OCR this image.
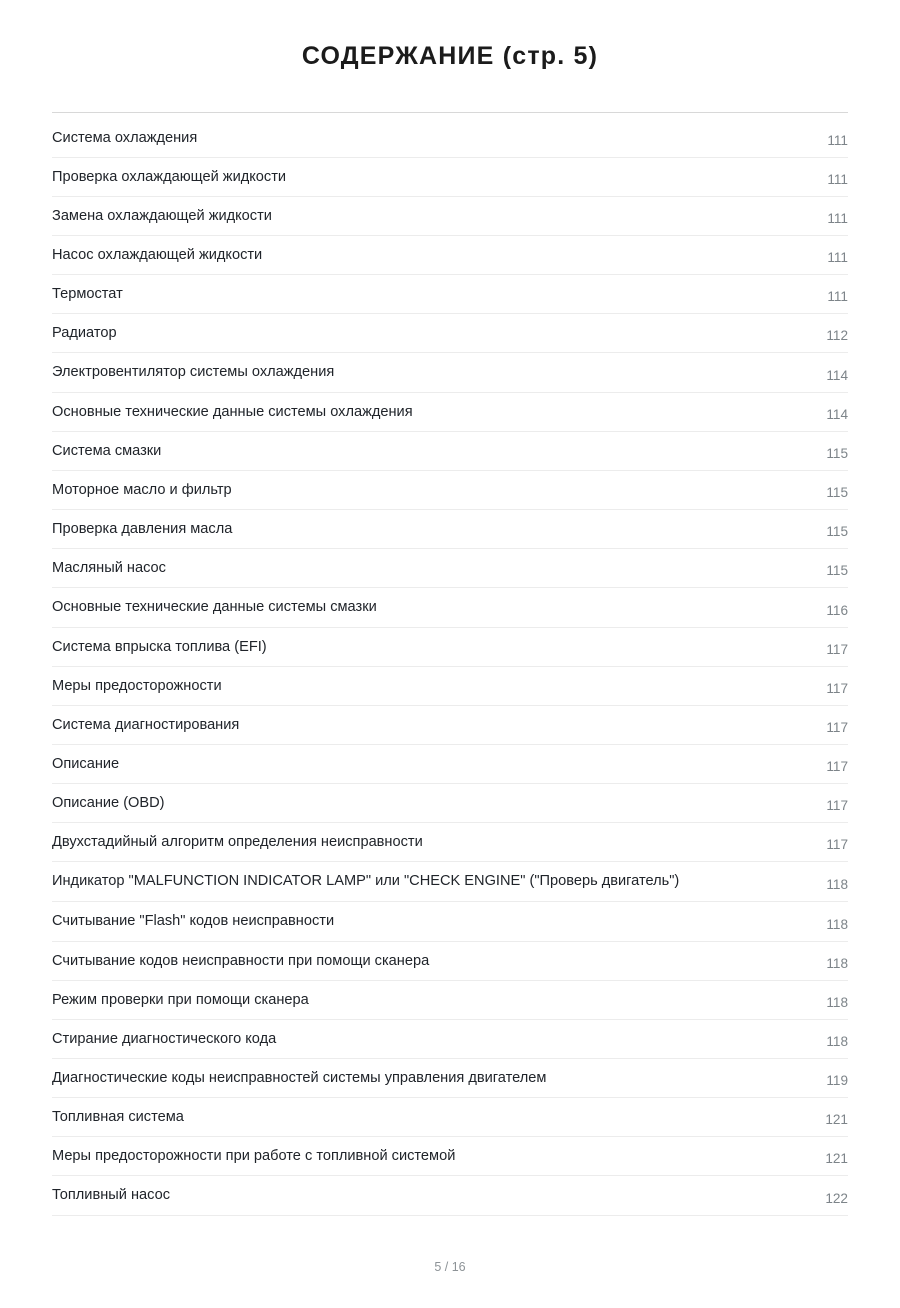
СОДЕРЖАНИЕ (стр. 5)
Система охлаждения	111
Проверка охлаждающей жидкости	111
Замена охлаждающей жидкости	111
Насос охлаждающей жидкости	111
Термостат	111
Радиатор	112
Электровентилятор системы охлаждения	114
Основные технические данные системы охлаждения	114
Система смазки	115
Моторное масло и фильтр	115
Проверка давления масла	115
Масляный насос	115
Основные технические данные системы смазки	116
Система впрыска топлива (EFI)	117
Меры предосторожности	117
Система диагностирования	117
Описание	117
Описание (OBD)	117
Двухстадийный алгоритм определения неисправности	117
Индикатор "MALFUNCTION INDICATOR LAMP" или "CHECK ENGINE" ("Проверь двигатель")	118
Считывание "Flash" кодов неисправности	118
Считывание кодов неисправности при помощи сканера	118
Режим проверки при помощи сканера	118
Стирание диагностического кода	118
Диагностические коды неисправностей системы управления двигателем	119
Топливная система	121
Меры предосторожности при работе с топливной системой	121
Топливный насос	122
5 / 16
